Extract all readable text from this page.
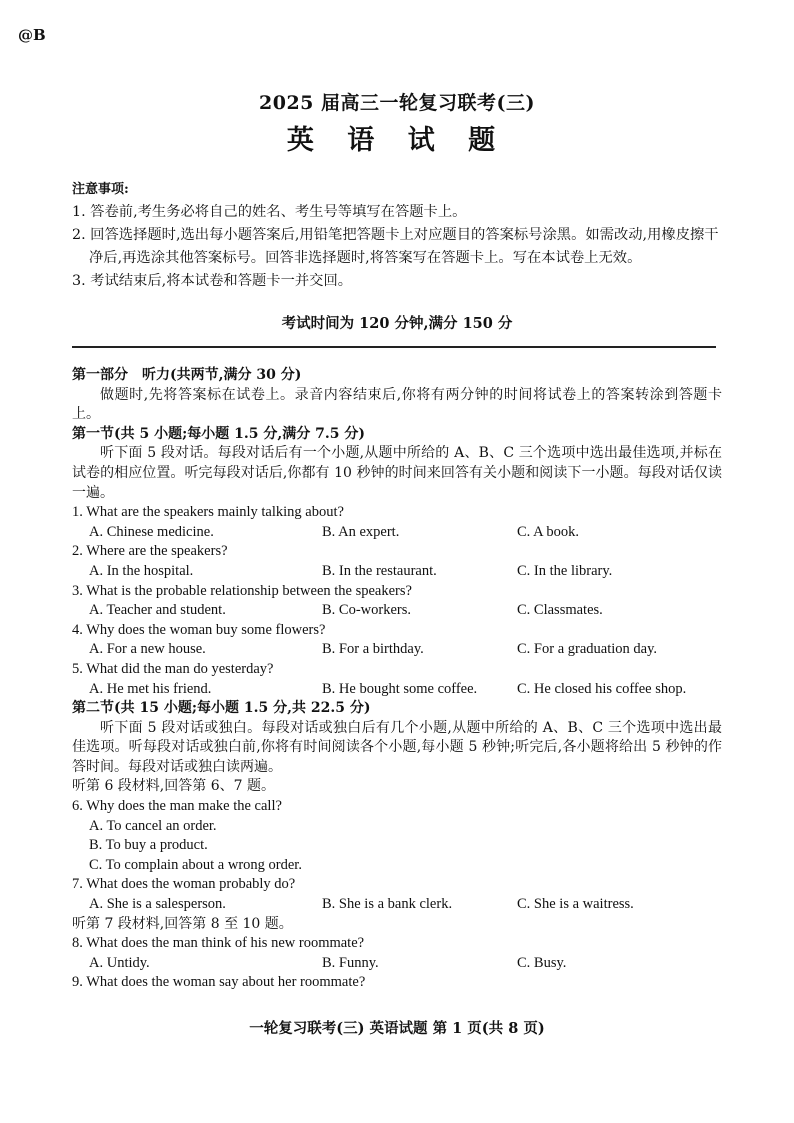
@B
2025 届高三一轮复习联考(三)
英 语 试 题
注意事项:
1. 答卷前,考生务必将自己的姓名、考生号等填写在答题卡上。
2. 回答选择题时,选出每小题答案后,用铅笔把答题卡上对应题目的答案标号涂黑。如需改动,用橡皮擦干净后,再选涂其他答案标号。回答非选择题时,将答案写在答题卡上。写在本试卷上无效。
3. 考试结束后,将本试卷和答题卡一并交回。
考试时间为 120 分钟,满分 150 分
第一部分　听力(共两节,满分 30 分)
做题时,先将答案标在试卷上。录音内容结束后,你将有两分钟的时间将试卷上的答案转涂到答题卡上。
第一节(共 5 小题;每小题 1.5 分,满分 7.5 分)
听下面 5 段对话。每段对话后有一个小题,从题中所给的 A、B、C 三个选项中选出最佳选项,并标在试卷的相应位置。听完每段对话后,你都有 10 秒钟的时间来回答有关小题和阅读下一小题。每段对话仅读一遍。
1. What are the speakers mainly talking about?
A. Chinese medicine.	B. An expert.	C. A book.
2. Where are the speakers?
A. In the hospital.	B. In the restaurant.	C. In the library.
3. What is the probable relationship between the speakers?
A. Teacher and student.	B. Co-workers.	C. Classmates.
4. Why does the woman buy some flowers?
A. For a new house.	B. For a birthday.	C. For a graduation day.
5. What did the man do yesterday?
A. He met his friend.	B. He bought some coffee.	C. He closed his coffee shop.
第二节(共 15 小题;每小题 1.5 分,共 22.5 分)
听下面 5 段对话或独白。每段对话或独白后有几个小题,从题中所给的 A、B、C 三个选项中选出最佳选项。听每段对话或独白前,你将有时间阅读各个小题,每小题 5 秒钟;听完后,各小题将给出 5 秒钟的作答时间。每段对话或独白读两遍。
听第 6 段材料,回答第 6、7 题。
6. Why does the man make the call?
A. To cancel an order.
B. To buy a product.
C. To complain about a wrong order.
7. What does the woman probably do?
A. She is a salesperson.	B. She is a bank clerk.	C. She is a waitress.
听第 7 段材料,回答第 8 至 10 题。
8. What does the man think of his new roommate?
A. Untidy.	B. Funny.	C. Busy.
9. What does the woman say about her roommate?
一轮复习联考(三) 英语试题 第 1 页(共 8 页)
